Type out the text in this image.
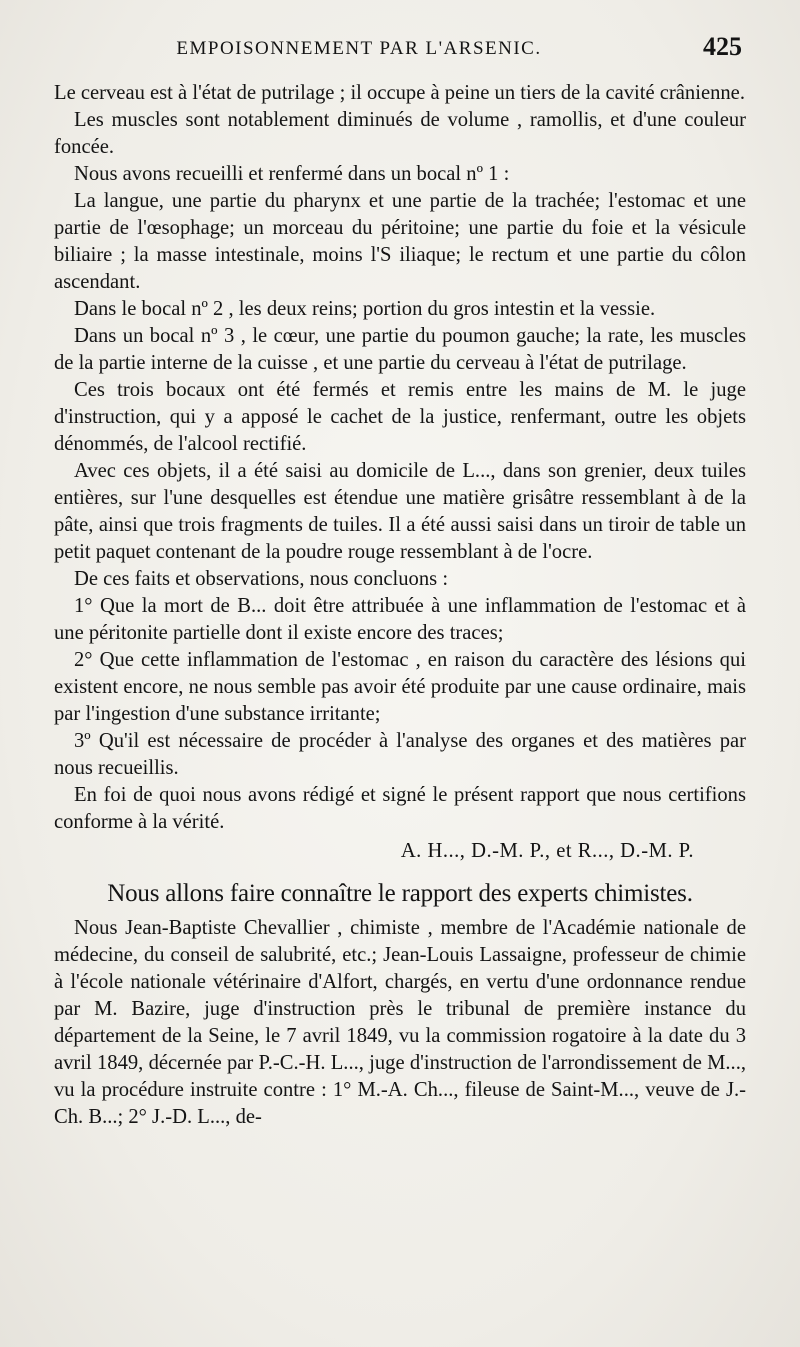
EMPOISONNEMENT PAR L'ARSENIC.	425

Le cerveau est à l'état de putrilage ; il occupe à peine un tiers de la cavité crânienne.

Les muscles sont notablement diminués de volume , ramollis, et d'une couleur foncée.

Nous avons recueilli et renfermé dans un bocal nº 1 :

La langue, une partie du pharynx et une partie de la trachée; l'estomac et une partie de l'œsophage; un morceau du péritoine; une partie du foie et la vésicule biliaire ; la masse intestinale, moins l'S iliaque; le rectum et une partie du côlon ascendant.

Dans le bocal nº 2 , les deux reins; portion du gros intestin et la vessie.

Dans un bocal nº 3 , le cœur, une partie du poumon gauche; la rate, les muscles de la partie interne de la cuisse , et une partie du cerveau à l'état de putrilage.

Ces trois bocaux ont été fermés et remis entre les mains de M. le juge d'instruction, qui y a apposé le cachet de la justice, renfermant, outre les objets dénommés, de l'alcool rectifié.

Avec ces objets, il a été saisi au domicile de L..., dans son grenier, deux tuiles entières, sur l'une desquelles est étendue une matière grisâtre ressemblant à de la pâte, ainsi que trois fragments de tuiles. Il a été aussi saisi dans un tiroir de table un petit paquet contenant de la poudre rouge ressemblant à de l'ocre.

De ces faits et observations, nous concluons :

1° Que la mort de B... doit être attribuée à une inflammation de l'estomac et à une péritonite partielle dont il existe encore des traces;

2° Que cette inflammation de l'estomac , en raison du caractère des lésions qui existent encore, ne nous semble pas avoir été produite par une cause ordinaire, mais par l'ingestion d'une substance irritante;

3º Qu'il est nécessaire de procéder à l'analyse des organes et des matières par nous recueillis.

En foi de quoi nous avons rédigé et signé le présent rapport que nous certifions conforme à la vérité.

A. H..., D.-M. P., et R..., D.-M. P.

Nous allons faire connaître le rapport des experts chimistes.

Nous Jean-Baptiste Chevallier , chimiste , membre de l'Académie nationale de médecine, du conseil de salubrité, etc.; Jean-Louis Lassaigne, professeur de chimie à l'école nationale vétérinaire d'Alfort, chargés, en vertu d'une ordonnance rendue par M. Bazire, juge d'instruction près le tribunal de première instance du département de la Seine, le 7 avril 1849, vu la commission rogatoire à la date du 3 avril 1849, décernée par P.-C.-H. L..., juge d'instruction de l'arrondissement de M..., vu la procédure instruite contre : 1° M.-A. Ch..., fileuse de Saint-M..., veuve de J.-Ch. B...; 2° J.-D. L..., de-
